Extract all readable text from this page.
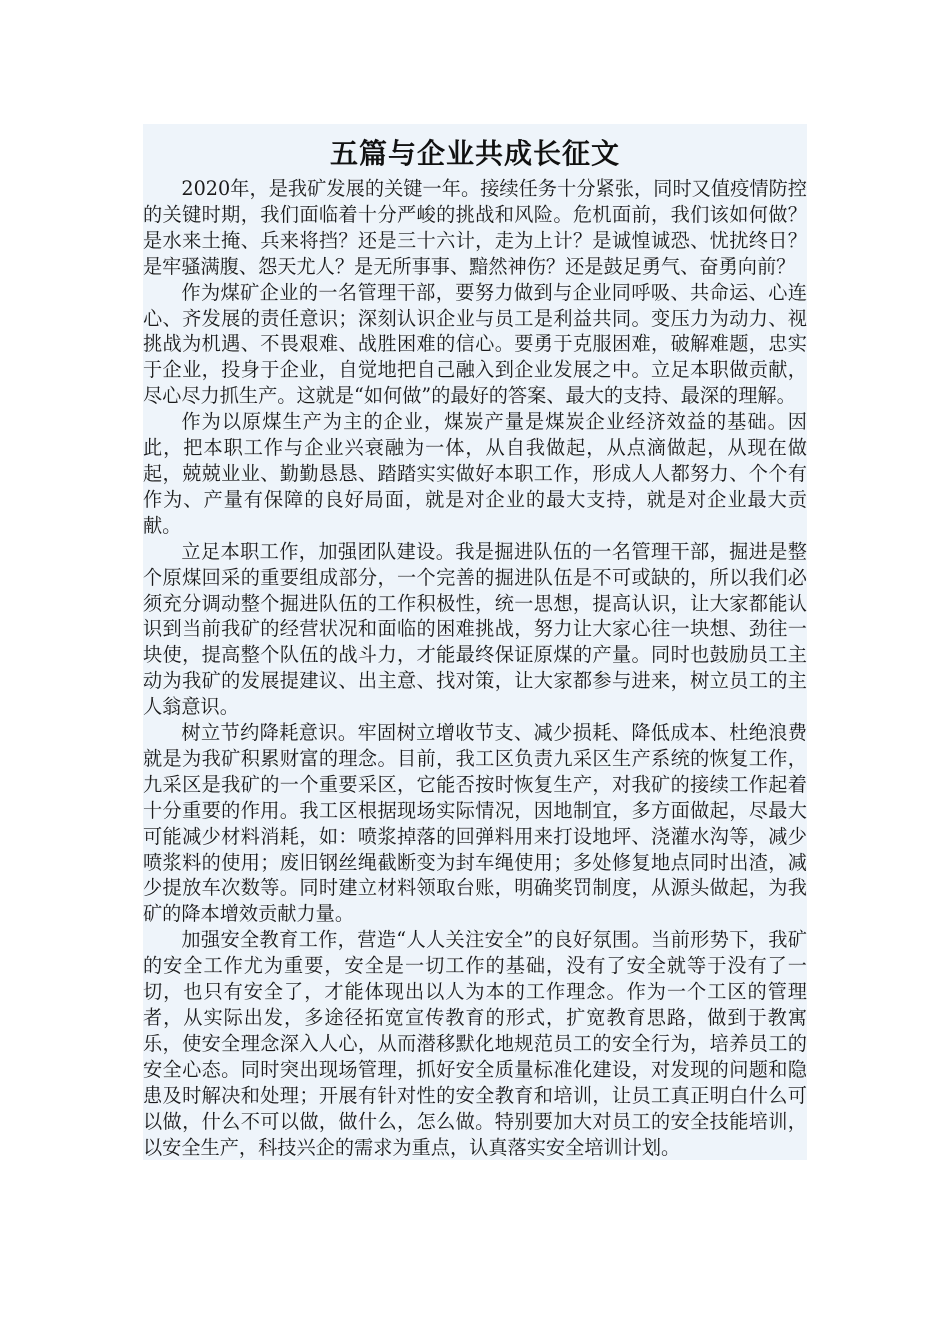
五篇与企业共成长征文

2020年，是我矿发展的关键一年。接续任务十分紧张，同时又值疫情防控的关键时期，我们面临着十分严峻的挑战和风险。危机面前，我们该如何做？是水来土掩、兵来将挡？还是三十六计，走为上计？是诚惶诚恐、忧扰终日？是牢骚满腹、怨天尤人？是无所事事、黯然神伤？还是鼓足勇气、奋勇向前？

作为煤矿企业的一名管理干部，要努力做到与企业同呼吸、共命运、心连心、齐发展的责任意识；深刻认识企业与员工是利益共同。变压力为动力、视挑战为机遇、不畏艰难、战胜困难的信心。要勇于克服困难，破解难题，忠实于企业，投身于企业，自觉地把自己融入到企业发展之中。立足本职做贡献，尽心尽力抓生产。这就是“如何做”的最好的答案、最大的支持、最深的理解。

作为以原煤生产为主的企业，煤炭产量是煤炭企业经济效益的基础。因此，把本职工作与企业兴衰融为一体，从自我做起，从点滴做起，从现在做起，兢兢业业、勤勤恳恳、踏踏实实做好本职工作，形成人人都努力、个个有作为、产量有保障的良好局面，就是对企业的最大支持，就是对企业最大贡献。

立足本职工作，加强团队建设。我是掘进队伍的一名管理干部，掘进是整个原煤回采的重要组成部分，一个完善的掘进队伍是不可或缺的，所以我们必须充分调动整个掘进队伍的工作积极性，统一思想，提高认识，让大家都能认识到当前我矿的经营状况和面临的困难挑战，努力让大家心往一块想、劲往一块使，提高整个队伍的战斗力，才能最终保证原煤的产量。同时也鼓励员工主动为我矿的发展提建议、出主意、找对策，让大家都参与进来，树立员工的主人翁意识。

树立节约降耗意识。牢固树立增收节支、减少损耗、降低成本、杜绝浪费就是为我矿积累财富的理念。目前，我工区负责九采区生产系统的恢复工作，九采区是我矿的一个重要采区，它能否按时恢复生产，对我矿的接续工作起着十分重要的作用。我工区根据现场实际情况，因地制宜，多方面做起，尽最大可能减少材料消耗，如：喷浆掉落的回弹料用来打设地坪、浇灌水沟等，减少喷浆料的使用；废旧钢丝绳截断变为封车绳使用；多处修复地点同时出渣，减少提放车次数等。同时建立材料领取台账，明确奖罚制度，从源头做起，为我矿的降本增效贡献力量。

加强安全教育工作，营造“人人关注安全”的良好氛围。当前形势下，我矿的安全工作尤为重要，安全是一切工作的基础，没有了安全就等于没有了一切，也只有安全了，才能体现出以人为本的工作理念。作为一个工区的管理者，从实际出发，多途径拓宽宣传教育的形式，扩宽教育思路，做到于教寓乐，使安全理念深入人心，从而潜移默化地规范员工的安全行为，培养员工的安全心态。同时突出现场管理，抓好安全质量标准化建设，对发现的问题和隐患及时解决和处理；开展有针对性的安全教育和培训，让员工真正明白什么可以做，什么不可以做，做什么，怎么做。特别要加大对员工的安全技能培训，以安全生产，科技兴企的需求为重点，认真落实安全培训计划。
